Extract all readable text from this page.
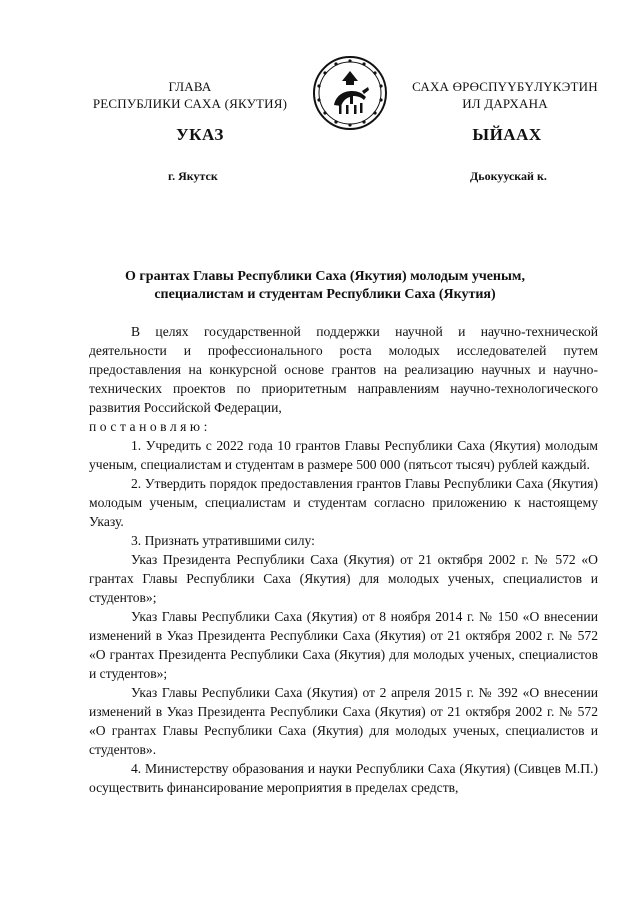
ГЛАВА
РЕСПУБЛИКИ САХА (ЯКУТИЯ)
САХА ӨРӨСПҮҮБҮЛҮКЭТИН
ИЛ ДАРХАНА
УКАЗ	ЫЙААХ
г. Якутск	Дьокуускай к.
О грантах Главы Республики Саха (Якутия) молодым ученым,
специалистам и студентам Республики Саха (Якутия)

В целях государственной поддержки научной и научно-технической деятельности и профессионального роста молодых исследователей путем предоставления на конкурсной основе грантов на реализацию научных и научно-технических проектов по приоритетным направлениям научно-технологического развития Российской Федерации,

постановляю:

1. Учредить с 2022 года 10 грантов Главы Республики Саха (Якутия) молодым ученым, специалистам и студентам в размере 500 000 (пятьсот тысяч) рублей каждый.

2. Утвердить порядок предоставления грантов Главы Республики Саха (Якутия) молодым ученым, специалистам и студентам согласно приложению к настоящему Указу.

3. Признать утратившими силу:

Указ Президента Республики Саха (Якутия) от 21 октября 2002 г. № 572 «О грантах Главы Республики Саха (Якутия) для молодых ученых, специалистов и студентов»;

Указ Главы Республики Саха (Якутия) от 8 ноября 2014 г. № 150 «О внесении изменений в Указ Президента Республики Саха (Якутия) от 21 октября 2002 г. № 572 «О грантах Президента Республики Саха (Якутия) для молодых ученых, специалистов и студентов»;

Указ Главы Республики Саха (Якутия) от 2 апреля 2015 г. № 392 «О внесении изменений в Указ Президента Республики Саха (Якутия) от 21 октября 2002 г. № 572 «О грантах Главы Республики Саха (Якутия) для молодых ученых, специалистов и студентов».

4. Министерству образования и науки Республики Саха (Якутия) (Сивцев М.П.) осуществить финансирование мероприятия в пределах средств,
